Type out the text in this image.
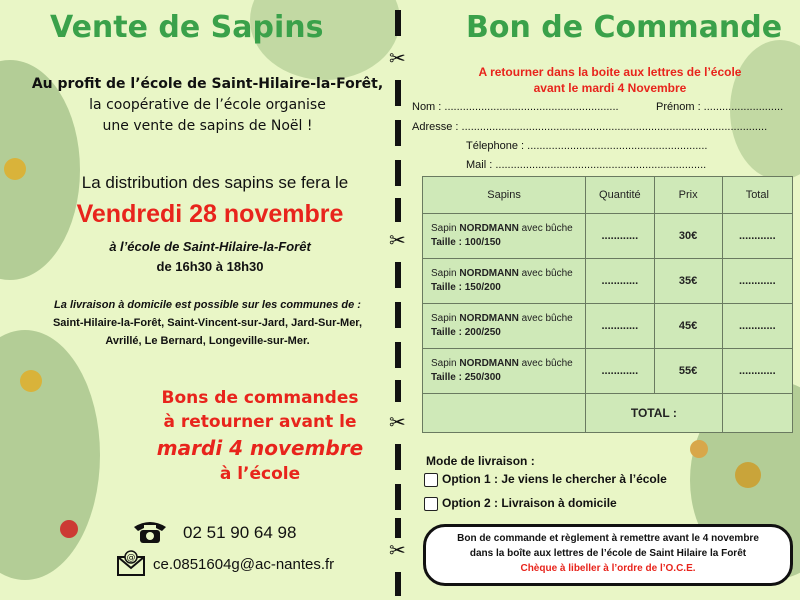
Vente de Sapins
Au profit de l’école de Saint-Hilaire-la-Forêt,
la coopérative de l’école organise
une vente de sapins de Noël !
La distribution des sapins se fera le
Vendredi 28 novembre
à l’école de Saint-Hilaire-la-Forêt
de 16h30 à 18h30
La livraison à domicile est possible sur les communes de :
Saint-Hilaire-la-Forêt, Saint-Vincent-sur-Jard, Jard-Sur-Mer,
Avrillé, Le Bernard, Longeville-sur-Mer.
Bons de commandes
à retourner avant le
mardi 4 novembre
à l’école
02 51 90 64 98
@ ce.0851604g@ac-nantes.fr
✂
✂
✂
✂
Bon de Commande
A retourner dans la boite aux lettres de l’école
avant le mardi 4 Novembre
Nom : .........................................................	Prénom : ..........................
Adresse : ....................................................................................................
Télephone : ...........................................................
Mail : .....................................................................
Sapins	Quantité	Prix	Total

Sapin NORDMANN avec bûche
Taille : 100/150	............	30€	............

Sapin NORDMANN avec bûche
Taille : 150/200	............	35€	............

Sapin NORDMANN avec bûche
Taille : 200/250	............	45€	............

Sapin NORDMANN avec bûche
Taille : 250/300	............	55€	............
	TOTAL :		
Mode de livraison :
Option 1 : Je viens le chercher à l’école
Option 2 : Livraison à domicile
Bon de commande et règlement à remettre avant le 4 novembre
dans la boîte aux lettres de l’école de Saint Hilaire la Forêt
Chèque à libeller à l’ordre de l’O.C.E.
